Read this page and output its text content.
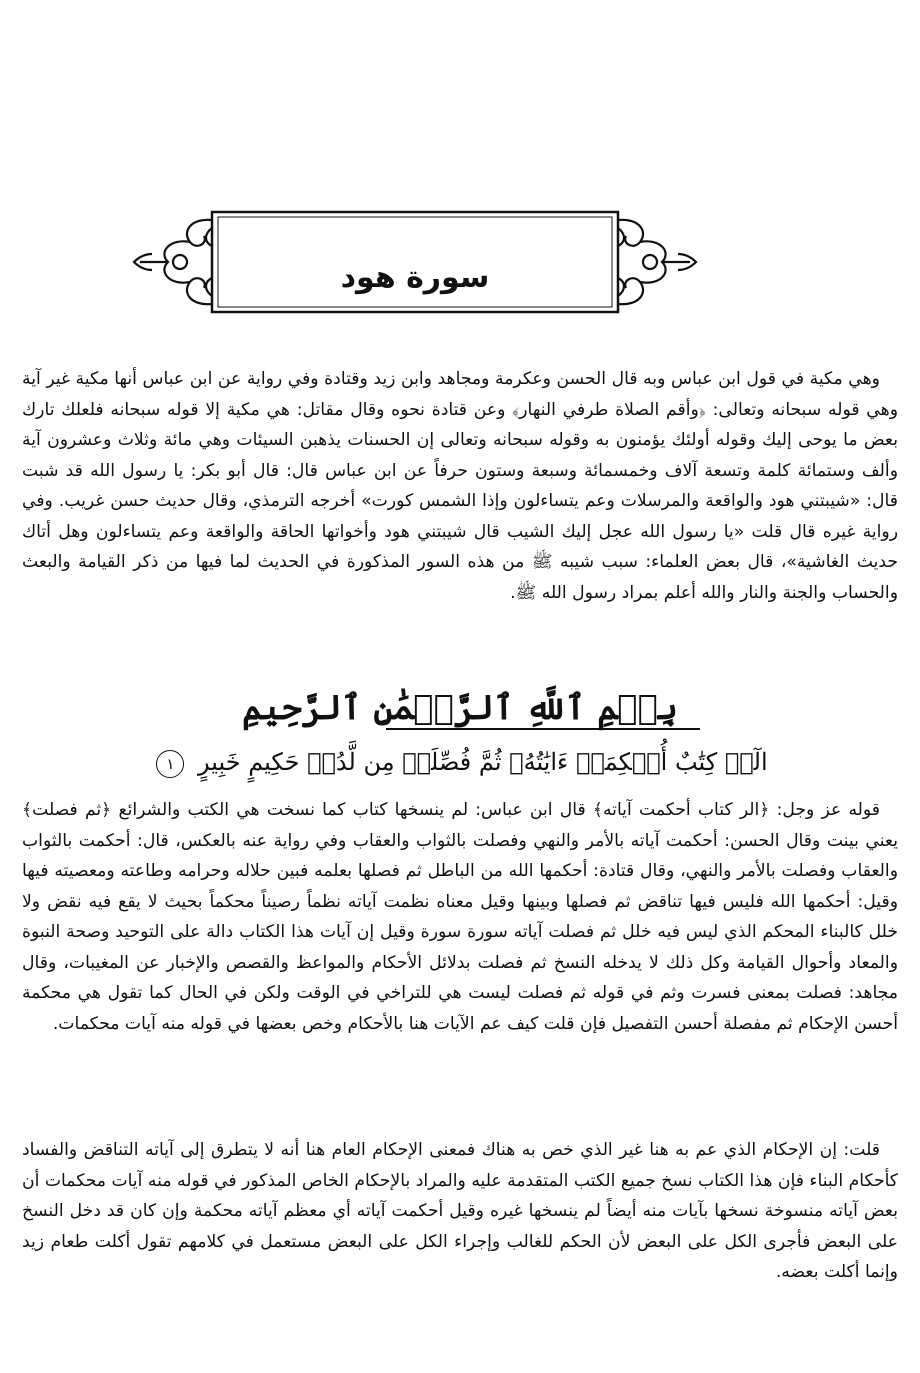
سورة هود

وهي مكية في قول ابن عباس وبه قال الحسن وعكرمة ومجاهد وابن زيد وقتادة وفي رواية عن ابن عباس أنها مكية غير آية وهي قوله سبحانه وتعالى: ﴿وأقم الصلاة طرفي النهار﴾ وعن قتادة نحوه وقال مقاتل: هي مكية إلا قوله سبحانه فلعلك تارك بعض ما يوحى إليك وقوله أولئك يؤمنون به وقوله سبحانه وتعالى إن الحسنات يذهبن السيئات وهي مائة وثلاث وعشرون آية وألف وستمائة كلمة وتسعة آلاف وخمسمائة وسبعة وستون حرفاً عن ابن عباس قال: قال أبو بكر: يا رسول الله قد شبت قال: «شيبتني هود والواقعة والمرسلات وعم يتساءلون وإذا الشمس كورت» أخرجه الترمذي، وقال حديث حسن غريب. وفي رواية غيره قال قلت «يا رسول الله عجل إليك الشيب قال شيبتني هود وأخواتها الحاقة والواقعة وعم يتساءلون وهل أتاك حديث الغاشية»، قال بعض العلماء: سبب شيبه ﷺ من هذه السور المذكورة في الحديث لما فيها من ذكر القيامة والبعث والحساب والجنة والنار والله أعلم بمراد رسول الله ﷺ.

بِسۡمِ ٱللَّهِ ٱلرَّحۡمَٰنِ ٱلرَّحِيمِ
الٓرۚ كِتَٰبٌ أُحۡكِمَتۡ ءَايَٰتُهُۥ ثُمَّ فُصِّلَتۡ مِن لَّدُنۡ حَكِيمٍ خَبِيرٍ ١

قوله عز وجل: ﴿الر كتاب أحكمت آياته﴾ قال ابن عباس: لم ينسخها كتاب كما نسخت هي الكتب والشرائع ﴿ثم فصلت﴾ يعني بينت وقال الحسن: أحكمت آياته بالأمر والنهي وفصلت بالثواب والعقاب وفي رواية عنه بالعكس، قال: أحكمت بالثواب والعقاب وفصلت بالأمر والنهي، وقال قتادة: أحكمها الله من الباطل ثم فصلها بعلمه فبين حلاله وحرامه وطاعته ومعصيته فيها وقيل: أحكمها الله فليس فيها تناقض ثم فصلها وبينها وقيل معناه نظمت آياته نظماً رصيناً محكماً بحيث لا يقع فيه نقض ولا خلل كالبناء المحكم الذي ليس فيه خلل ثم فصلت آياته سورة سورة وقيل إن آيات هذا الكتاب دالة على التوحيد وصحة النبوة والمعاد وأحوال القيامة وكل ذلك لا يدخله النسخ ثم فصلت بدلائل الأحكام والمواعظ والقصص والإخبار عن المغيبات، وقال مجاهد: فصلت بمعنى فسرت وثم في قوله ثم فصلت ليست هي للتراخي في الوقت ولكن في الحال كما تقول هي محكمة أحسن الإحكام ثم مفصلة أحسن التفصيل فإن قلت كيف عم الآيات هنا بالأحكام وخص بعضها في قوله منه آيات محكمات.

قلت: إن الإحكام الذي عم به هنا غير الذي خص به هناك فمعنى الإحكام العام هنا أنه لا يتطرق إلى آياته التناقض والفساد كأحكام البناء فإن هذا الكتاب نسخ جميع الكتب المتقدمة عليه والمراد بالإحكام الخاص المذكور في قوله منه آيات محكمات أن بعض آياته منسوخة نسخها بآيات منه أيضاً لم ينسخها غيره وقيل أحكمت آياته أي معظم آياته محكمة وإن كان قد دخل النسخ على البعض فأجرى الكل على البعض لأن الحكم للغالب وإجراء الكل على البعض مستعمل في كلامهم تقول أكلت طعام زيد وإنما أكلت بعضه.
